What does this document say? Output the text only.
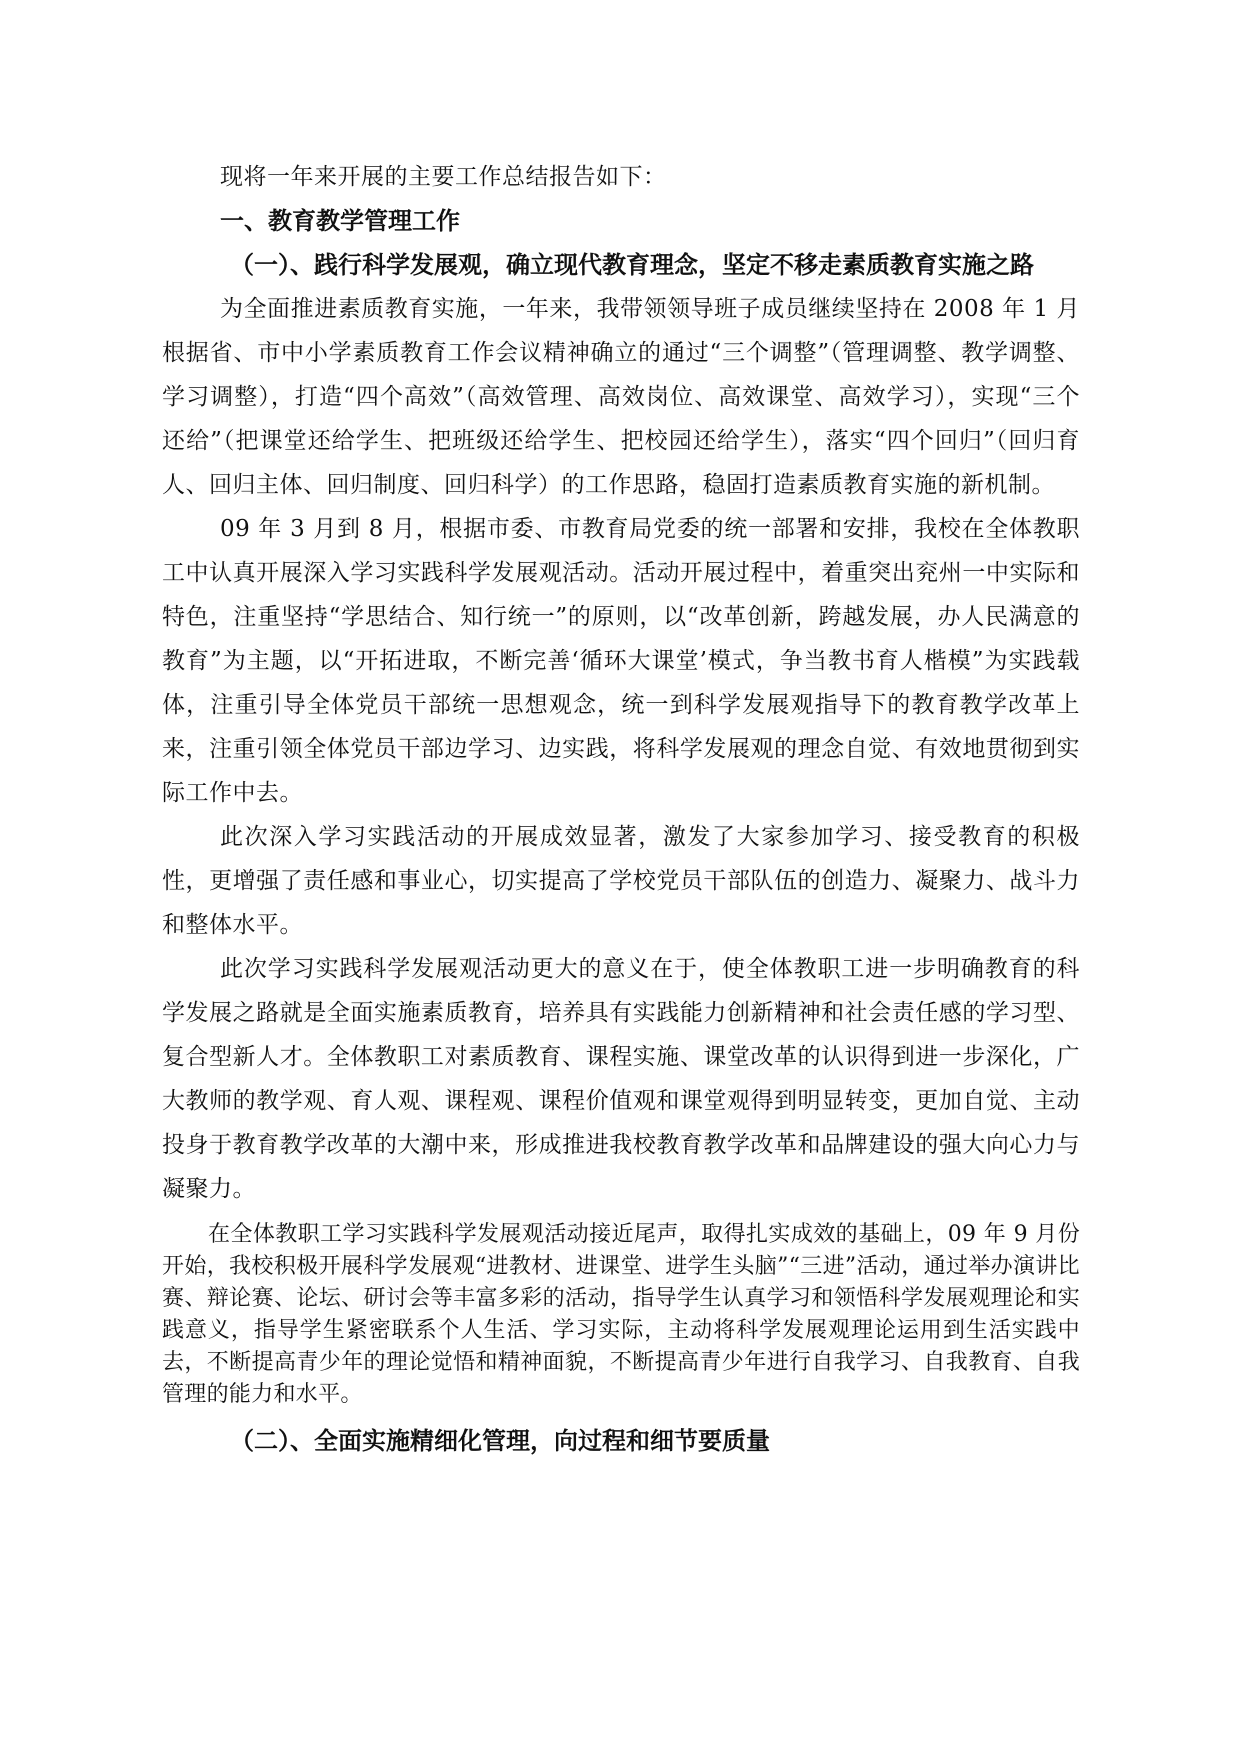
现将一年来开展的主要工作总结报告如下：

一、教育教学管理工作

（一）、践行科学发展观，确立现代教育理念，坚定不移走素质教育实施之路

为全面推进素质教育实施，一年来，我带领领导班子成员继续坚持在 2008 年 1 月根据省、市中小学素质教育工作会议精神确立的通过“三个调整”（管理调整、教学调整、学习调整），打造“四个高效”（高效管理、高效岗位、高效课堂、高效学习），实现“三个还给”（把课堂还给学生、把班级还给学生、把校园还给学生），落实“四个回归”（回归育人、回归主体、回归制度、回归科学）的工作思路，稳固打造素质教育实施的新机制。

09 年 3 月到 8 月，根据市委、市教育局党委的统一部署和安排，我校在全体教职工中认真开展深入学习实践科学发展观活动。活动开展过程中，着重突出兖州一中实际和特色，注重坚持“学思结合、知行统一”的原则，以“改革创新，跨越发展，办人民满意的教育”为主题，以“开拓进取，不断完善‘循环大课堂’模式，争当教书育人楷模”为实践载体，注重引导全体党员干部统一思想观念，统一到科学发展观指导下的教育教学改革上来，注重引领全体党员干部边学习、边实践，将科学发展观的理念自觉、有效地贯彻到实际工作中去。

此次深入学习实践活动的开展成效显著，激发了大家参加学习、接受教育的积极性，更增强了责任感和事业心，切实提高了学校党员干部队伍的创造力、凝聚力、战斗力和整体水平。

此次学习实践科学发展观活动更大的意义在于，使全体教职工进一步明确教育的科学发展之路就是全面实施素质教育，培养具有实践能力创新精神和社会责任感的学习型、复合型新人才。全体教职工对素质教育、课程实施、课堂改革的认识得到进一步深化，广大教师的教学观、育人观、课程观、课程价值观和课堂观得到明显转变，更加自觉、主动投身于教育教学改革的大潮中来，形成推进我校教育教学改革和品牌建设的强大向心力与凝聚力。

在全体教职工学习实践科学发展观活动接近尾声，取得扎实成效的基础上，09 年 9 月份开始，我校积极开展科学发展观“进教材、进课堂、进学生头脑”“三进”活动，通过举办演讲比赛、辩论赛、论坛、研讨会等丰富多彩的活动，指导学生认真学习和领悟科学发展观理论和实践意义，指导学生紧密联系个人生活、学习实际，主动将科学发展观理论运用到生活实践中去，不断提高青少年的理论觉悟和精神面貌，不断提高青少年进行自我学习、自我教育、自我管理的能力和水平。

（二）、全面实施精细化管理，向过程和细节要质量
